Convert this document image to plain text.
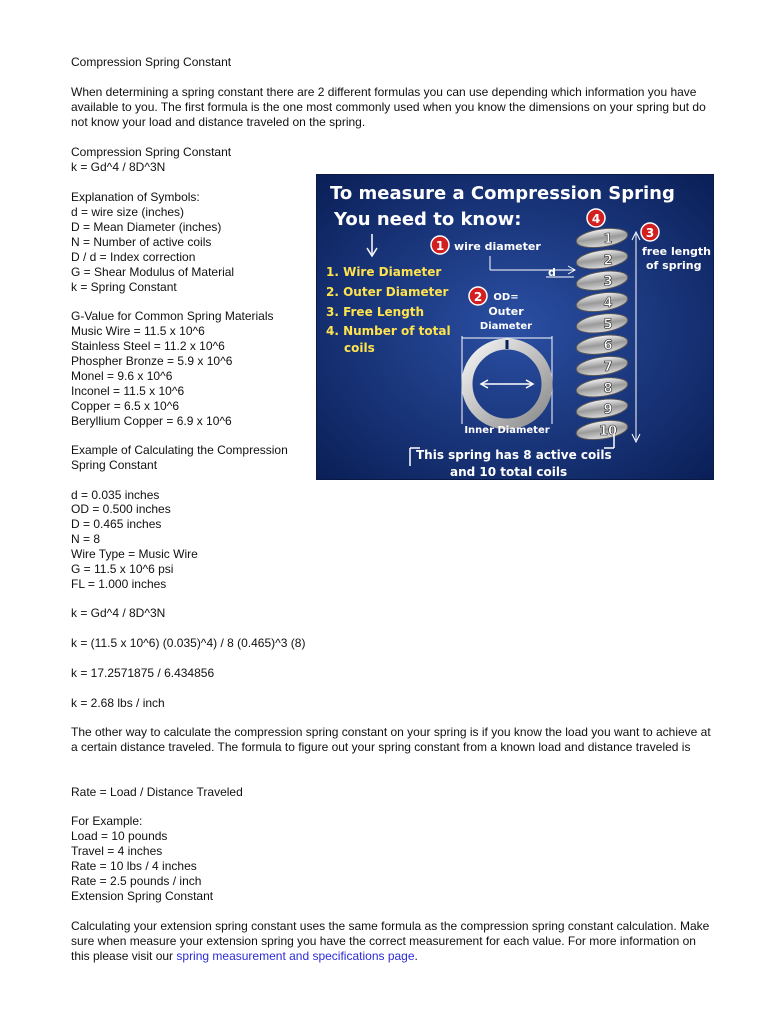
Compression Spring Constant
When determining a spring constant there are 2 different formulas you can use depending which information you have available to you. The first formula is the one most commonly used when you know the dimensions on your spring but do not know your load and distance traveled on the spring.
Compression Spring Constant
k = Gd^4 / 8D^3N
Explanation of Symbols:
d = wire size (inches)
D = Mean Diameter (inches)
N = Number of active coils
D / d = Index correction
G = Shear Modulus of Material
k = Spring Constant
G-Value for Common Spring Materials
Music Wire = 11.5 x 10^6
Stainless Steel = 11.2 x 10^6
Phospher Bronze = 5.9 x 10^6
Monel = 9.6 x 10^6
Inconel = 11.5 x 10^6
Copper = 6.5 x 10^6
Beryllium Copper = 6.9 x 10^6
Example of Calculating the Compression
Spring Constant
d = 0.035 inches
OD = 0.500 inches
D = 0.465 inches
N = 8
Wire Type = Music Wire
G = 11.5 x 10^6 psi
FL = 1.000 inches
k = Gd^4 / 8D^3N
k = (11.5 x 10^6) (0.035)^4) / 8 (0.465)^3 (8)
k = 17.2571875 / 6.434856
k = 2.68 lbs / inch
The other way to calculate the compression spring constant on your spring is if you know the load you want to achieve at a certain distance traveled. The formula to figure out your spring constant from a known load and distance traveled is
Rate = Load / Distance Traveled
For Example:
Load = 10 pounds
Travel = 4 inches
Rate = 10 lbs / 4 inches
Rate = 2.5 pounds / inch
Extension Spring Constant
Calculating your extension spring constant uses the same formula as the compression spring constant calculation. Make sure when measure your extension spring you have the correct measurement for each value. For more information on this please visit our spring measurement and specifications page.
To measure a Compression Spring
You need to know:
1. Wire Diameter
2. Outer Diameter
3. Free Length
4. Number of total
coils
1 wire diameter
d
2 OD=
Outer
Diameter
Inner Diameter
4
3
free length
of spring
1
2
3
4
5
6
7
8
9
10
This spring has 8 active coils
and 10 total coils
